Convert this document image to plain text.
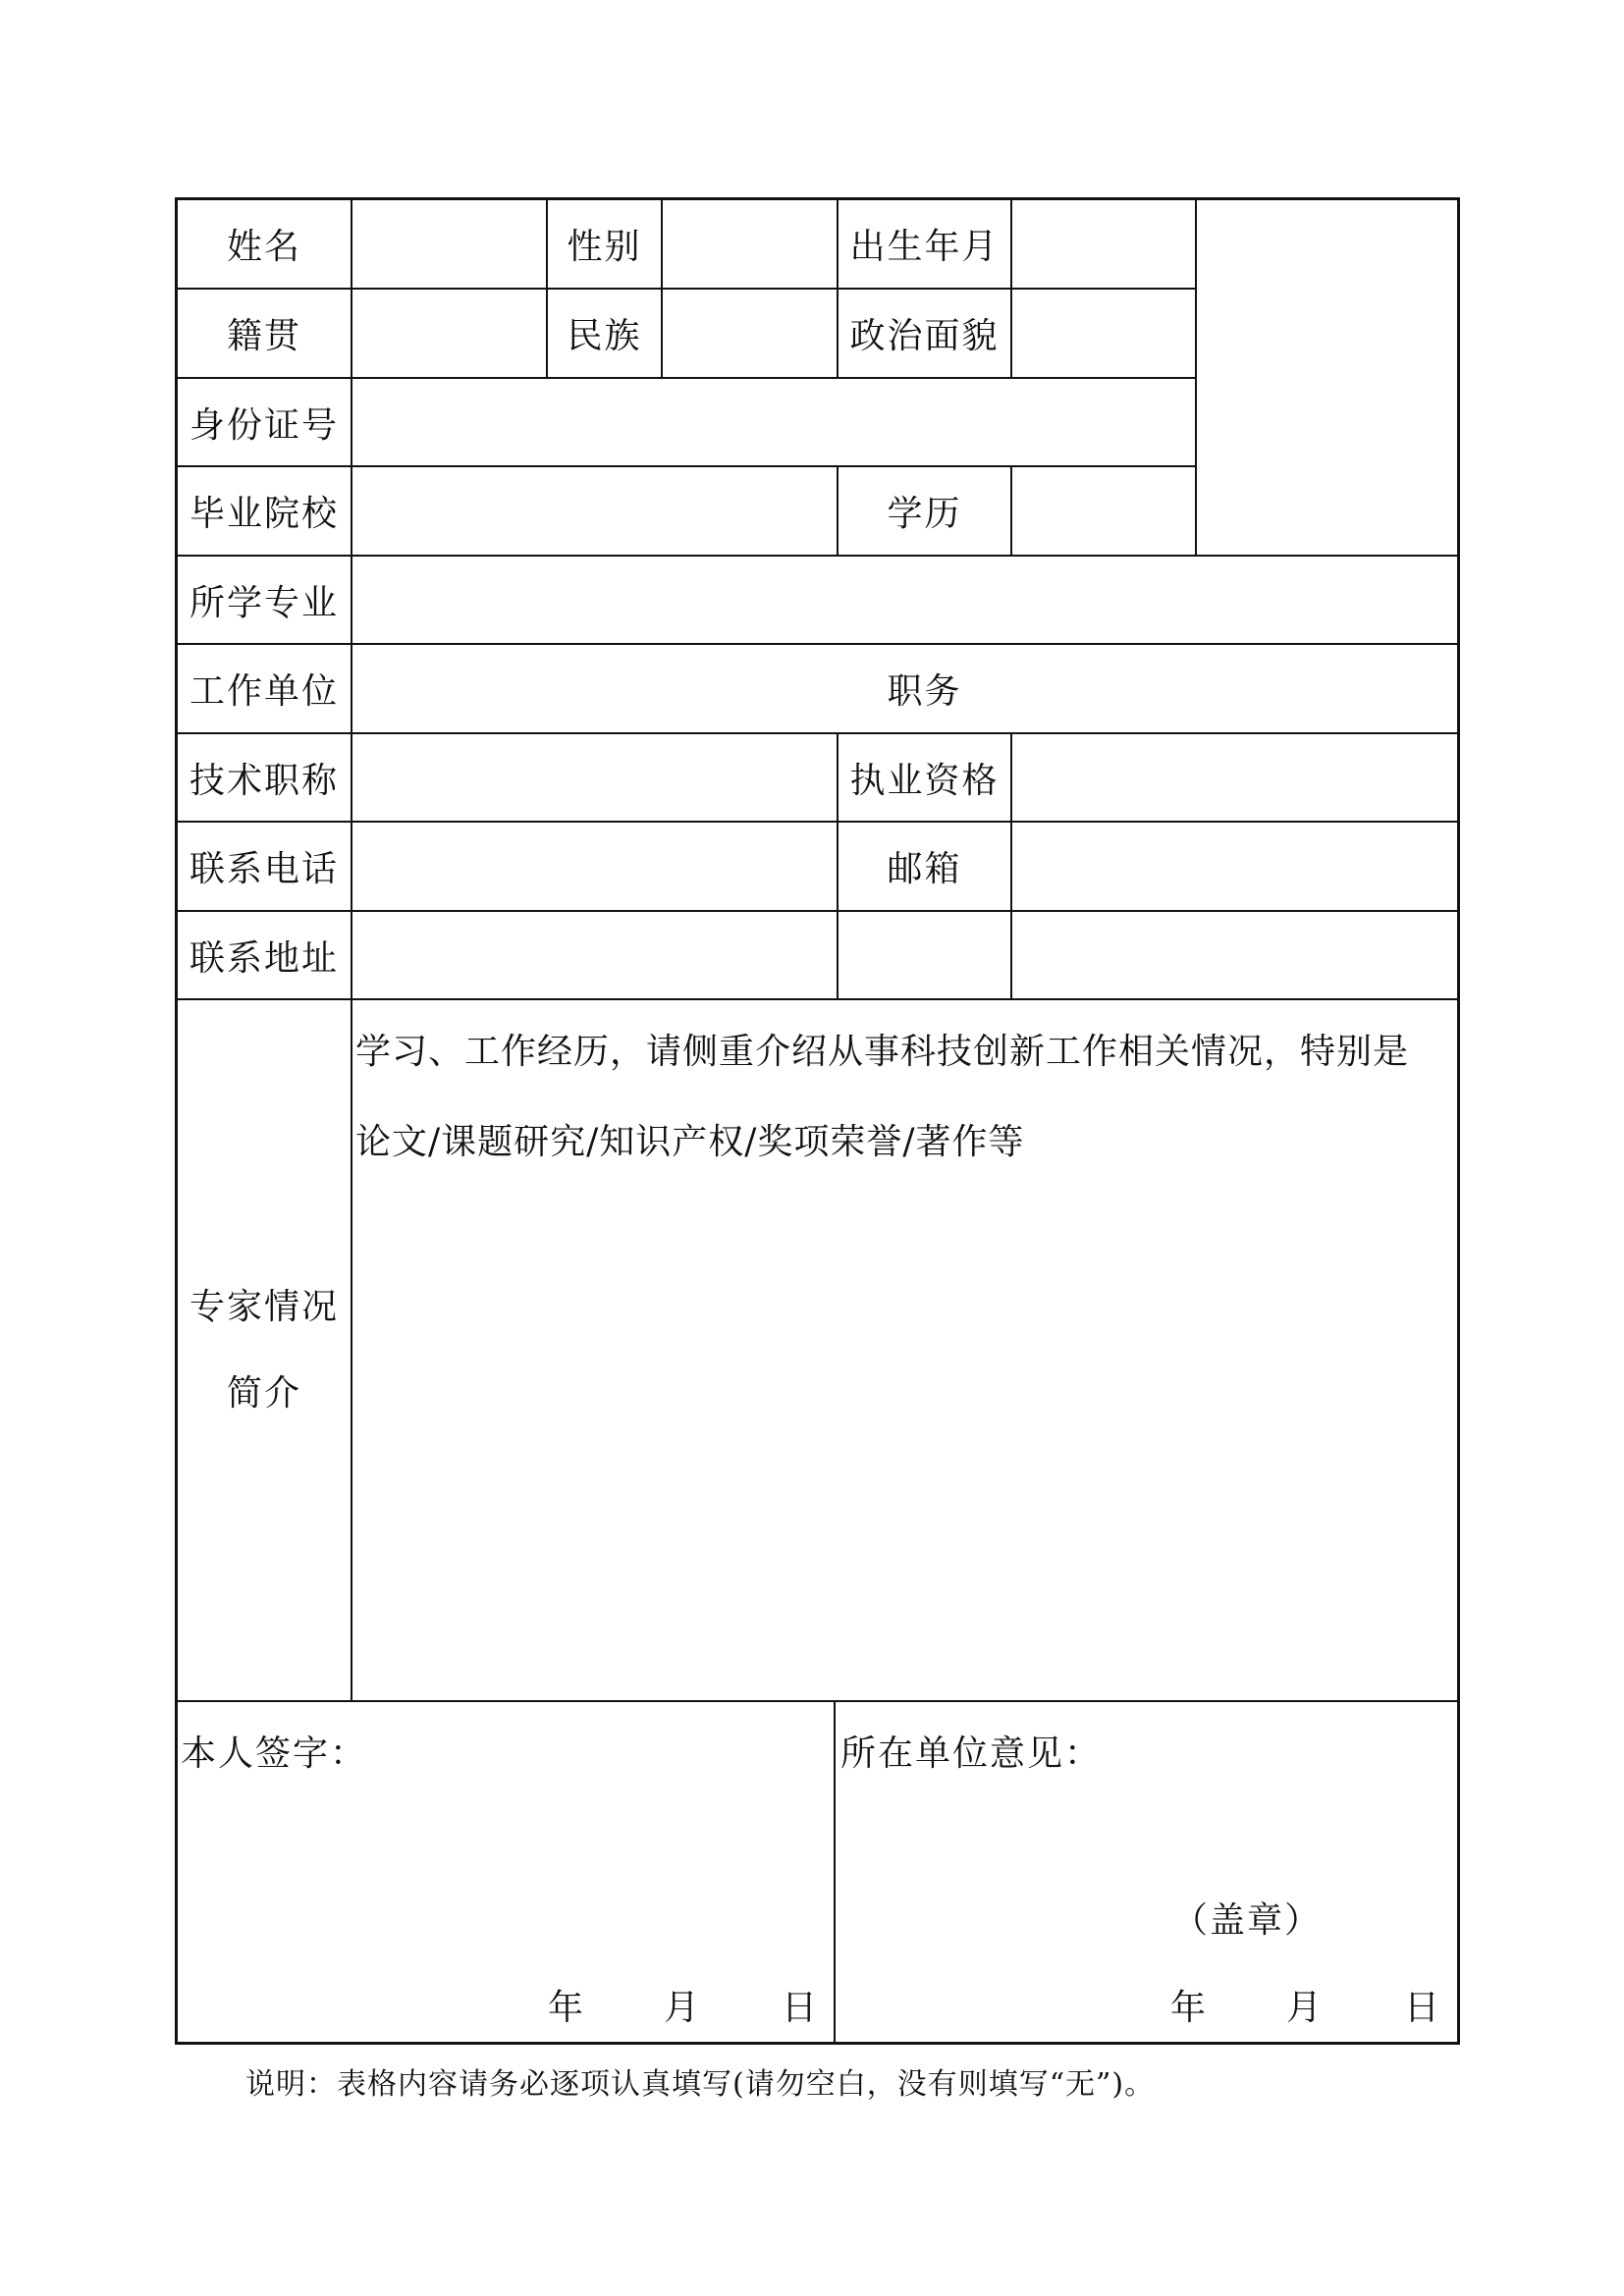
姓名	性别	出生年月
籍贯	民族	政治面貌
身份证号
毕业院校	学历
所学专业
工作单位	职务
技术职称	执业资格
联系电话	邮箱
联系地址
专家情况
简介
学习、工作经历，请侧重介绍从事科技创新工作相关情况，特别是
论文/课题研究/知识产权/奖项荣誉/著作等
本人签字：	所在单位意见：
（盖章）
年 月 日	年 月 日
说明：表格内容请务必逐项认真填写(请勿空白，没有则填写“无”)。
